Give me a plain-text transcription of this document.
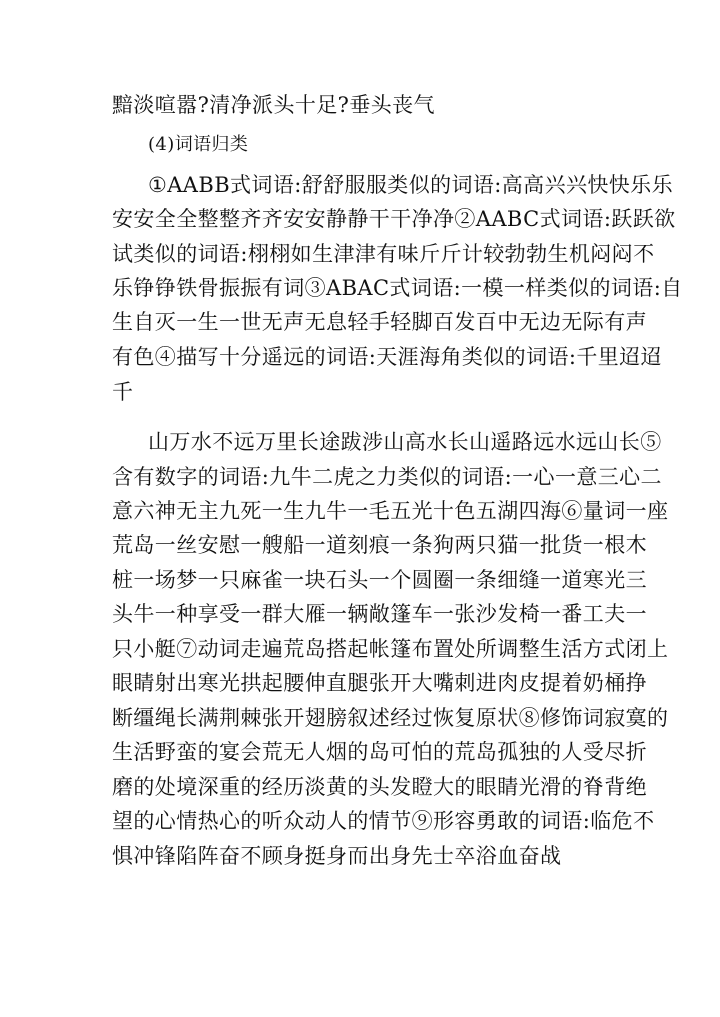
黯淡喧嚣?清净派头十足?垂头丧气
(4)词语归类
①AABB式词语:舒舒服服类似的词语:高高兴兴快快乐乐
安安全全整整齐齐安安静静干干净净②AABC式词语:跃跃欲
试类似的词语:栩栩如生津津有味斤斤计较勃勃生机闷闷不
乐铮铮铁骨振振有词③ABAC式词语:一模一样类似的词语:自
生自灭一生一世无声无息轻手轻脚百发百中无边无际有声
有色④描写十分遥远的词语:天涯海角类似的词语:千里迢迢
千
山万水不远万里长途跋涉山高水长山遥路远水远山长⑤
含有数字的词语:九牛二虎之力类似的词语:一心一意三心二
意六神无主九死一生九牛一毛五光十色五湖四海⑥量词一座
荒岛一丝安慰一艘船一道刻痕一条狗两只猫一批货一根木
桩一场梦一只麻雀一块石头一个圆圈一条细缝一道寒光三
头牛一种享受一群大雁一辆敞篷车一张沙发椅一番工夫一
只小艇⑦动词走遍荒岛搭起帐篷布置处所调整生活方式闭上
眼睛射出寒光拱起腰伸直腿张开大嘴刺进肉皮提着奶桶挣
断缰绳长满荆棘张开翅膀叙述经过恢复原状⑧修饰词寂寞的
生活野蛮的宴会荒无人烟的岛可怕的荒岛孤独的人受尽折
磨的处境深重的经历淡黄的头发瞪大的眼睛光滑的脊背绝
望的心情热心的听众动人的情节⑨形容勇敢的词语:临危不
惧冲锋陷阵奋不顾身挺身而出身先士卒浴血奋战
